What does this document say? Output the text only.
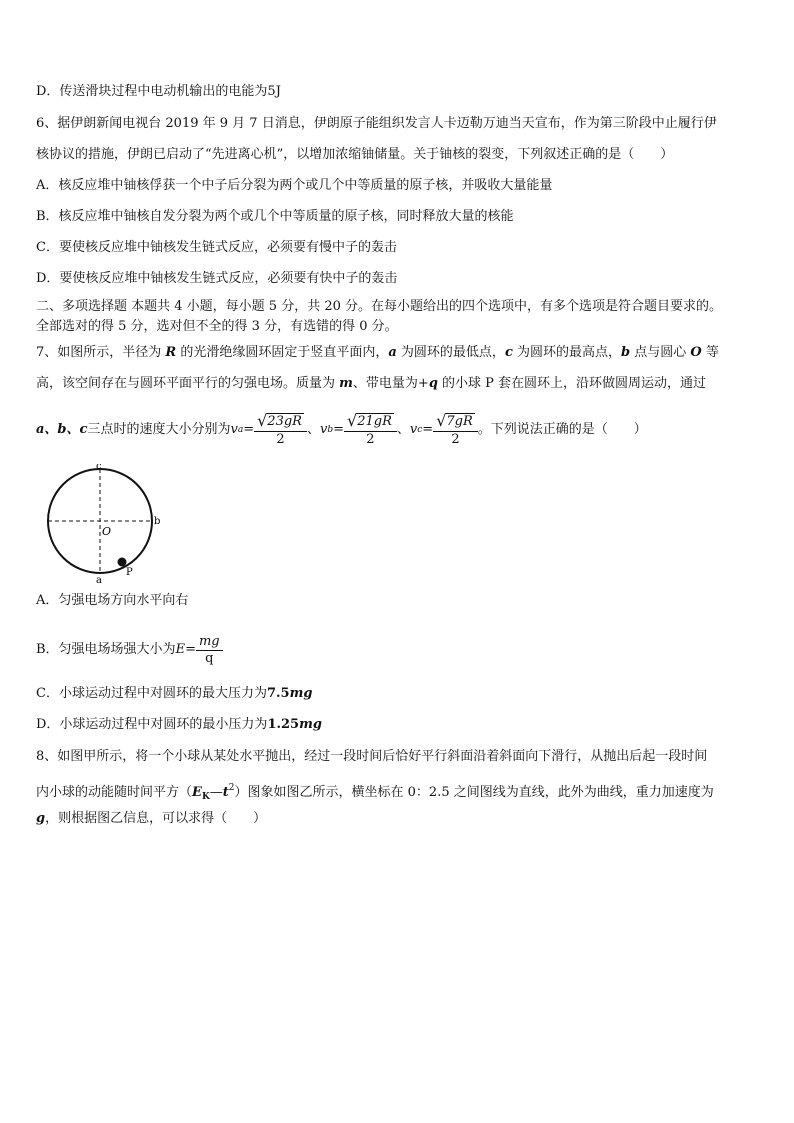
D．传送滑块过程中电动机输出的电能为5J
6、据伊朗新闻电视台 2019 年 9 月 7 日消息，伊朗原子能组织发言人卡迈勒万迪当天宣布，作为第三阶段中止履行伊
核协议的措施，伊朗已启动了“先进离心机”，以增加浓缩铀储量。关于铀核的裂变，下列叙述正确的是（　　）
A．核反应堆中铀核俘获一个中子后分裂为两个或几个中等质量的原子核，并吸收大量能量
B．核反应堆中铀核自发分裂为两个或几个中等质量的原子核，同时释放大量的核能
C．要使核反应堆中铀核发生链式反应，必须要有慢中子的轰击
D．要使核反应堆中铀核发生链式反应，必须要有快中子的轰击
二、多项选择题 本题共 4 小题，每小题 5 分，共 20 分。在每小题给出的四个选项中，有多个选项是符合题目要求的。
全部选对的得 5 分，选对但不全的得 3 分，有选错的得 0 分。
7、如图所示，半径为 R 的光滑绝缘圆环固定于竖直平面内，a 为圆环的最低点，c 为圆环的最高点，b 点与圆心 O 等
高，该空间存在与圆环平面平行的匀强电场。质量为 m、带电量为+q 的小球 P 套在圆环上，沿环做圆周运动，通过
a、b、c 三点时的速度大小分别为 v $a = \frac{√ 23gR}{2}$ 、 v $b = \frac{√ 21gR}{2}$ 、 v $c = \frac{√ 7gR}{2}$ 。下列说法正确的是（　　）
c
b
O
a
P
A．匀强电场方向水平向右
B．匀强电场场强大小为 $E = \frac{mg}{q}$
C．小球运动过程中对圆环的最大压力为7.5mg
D．小球运动过程中对圆环的最小压力为1.25mg
8、如图甲所示，将一个小球从某处水平抛出，经过一段时间后恰好平行斜面沿着斜面向下滑行，从抛出后起一段时间
内小球的动能随时间平方$(E_K—t^2)$图象如图乙所示，横坐标在 0：2.5 之间图线为直线，此外为曲线，重力加速度为
g，则根据图乙信息，可以求得（　　）
